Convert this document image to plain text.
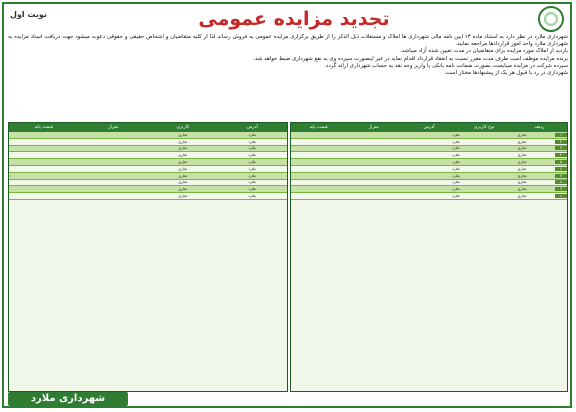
نوبت اول	تجدید مزایده عمومی

شهرداری ملارد در نظر دارد به استناد ماده ۱۳ آیین نامه مالی شهرداری ها املاک و مستغلات ذیل الذکر را از طریق برگزاری مزایده عمومی به فروش رساند لذا از کلیه متقاضیان و اشخاص حقیقی و حقوقی دعوت میشود جهت دریافت اسناد مزایده به شهرداری ملارد واحد امور قراردادها مراجعه نمایند.

بازدید از املاک مورد مزایده برای متقاضیان در مدت تعیین شده آزاد میباشد.

برنده مزایده موظف است ظرف مدت مقرر نسبت به انعقاد قرارداد اقدام نماید در غیر اینصورت سپرده وی به نفع شهرداری ضبط خواهد شد.

سپرده شرکت در مزایده میبایست بصورت ضمانت نامه بانکی یا واریز وجه نقد به حساب شهرداری ارائه گردد.

شهرداری در رد یا قبول هر یک از پیشنهادها مختار است.

ردیف
نوع کاربری
آدرس
متراژ
قیمت پایه
۱
تجاری
ملارد
۲
تجاری
ملارد
۳
تجاری
ملارد
۴
تجاری
ملارد
۵
تجاری
ملارد
۶
تجاری
ملارد
۷
تجاری
ملارد
۸
تجاری
ملارد
۹
تجاری
ملارد
۱۰
تجاری
ملارد
آدرس
کاربری
متراژ
قیمت پایه
ملارد
تجاری
ملارد
تجاری
ملارد
تجاری
ملارد
تجاری
ملارد
تجاری
ملارد
تجاری
ملارد
تجاری
ملارد
تجاری
ملارد
تجاری
ملارد
تجاری
شهرداری ملارد
